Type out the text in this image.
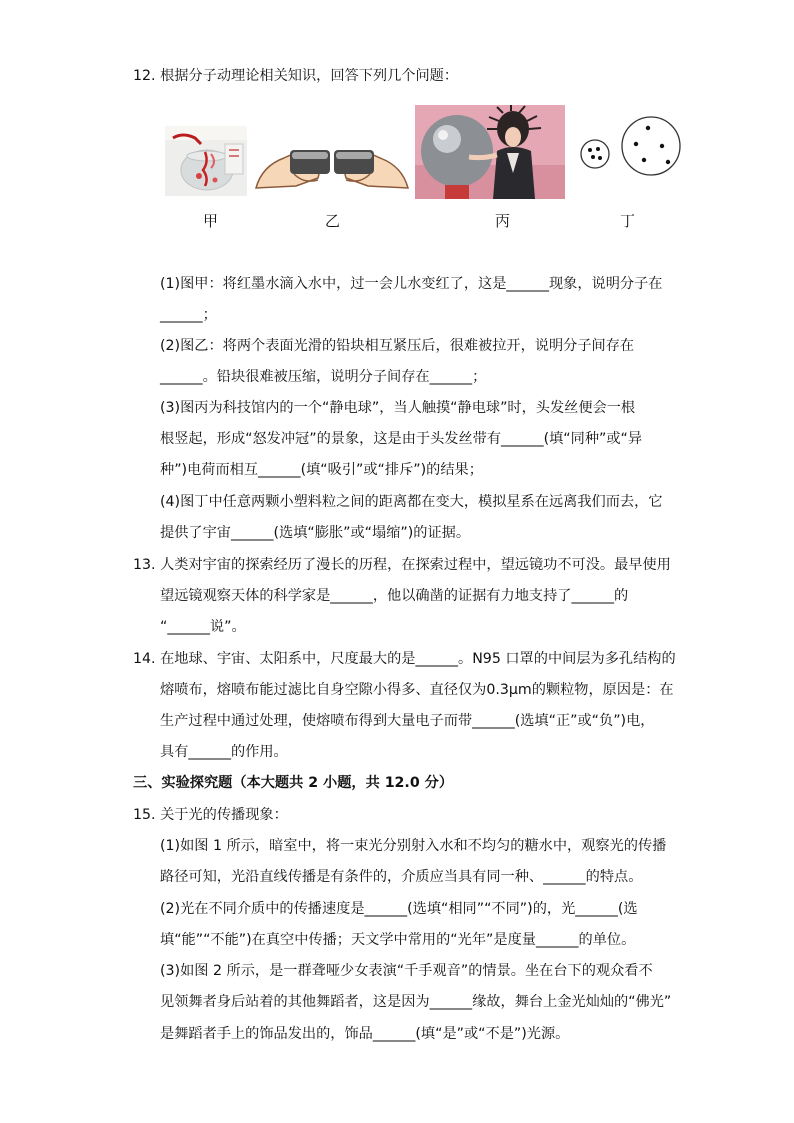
12. 根据分子动理论相关知识，回答下列几个问题：
甲	乙	丙	丁
(1)图甲：将红墨水滴入水中，过一会儿水变红了，这是______现象，说明分子在
______；
(2)图乙：将两个表面光滑的铅块相互紧压后，很难被拉开，说明分子间存在
______。铅块很难被压缩，说明分子间存在______；
(3)图丙为科技馆内的一个“静电球”，当人触摸“静电球”时，头发丝便会一根
根竖起，形成“怒发冲冠”的景象，这是由于头发丝带有______(填“同种”或“异
种”)电荷而相互______(填“吸引”或“排斥”)的结果；
(4)图丁中任意两颗小塑料粒之间的距离都在变大，模拟星系在远离我们而去，它
提供了宇宙______(选填“膨胀”或“塌缩”)的证据。
13. 人类对宇宙的探索经历了漫长的历程，在探索过程中，望远镜功不可没。最早使用
望远镜观察天体的科学家是______，他以确凿的证据有力地支持了______的
“______说”。
14. 在地球、宇宙、太阳系中，尺度最大的是______。N95 口罩的中间层为多孔结构的
熔喷布，熔喷布能过滤比自身空隙小得多、直径仅为0.3μm的颗粒物，原因是：在
生产过程中通过处理，使熔喷布得到大量电子而带______(选填“正”或“负”)电，
具有______的作用。
三、实验探究题（本大题共 2 小题，共 12.0 分）
15. 关于光的传播现象：
(1)如图 1 所示，暗室中，将一束光分别射入水和不均匀的糖水中，观察光的传播
路径可知，光沿直线传播是有条件的，介质应当具有同一种、______的特点。
(2)光在不同介质中的传播速度是______(选填“相同”“不同”)的，光______(选
填“能”“不能”)在真空中传播；天文学中常用的“光年”是度量______的单位。
(3)如图 2 所示，是一群聋哑少女表演“千手观音”的情景。坐在台下的观众看不
见领舞者身后站着的其他舞蹈者，这是因为______缘故，舞台上金光灿灿的“佛光”
是舞蹈者手上的饰品发出的，饰品______(填“是”或“不是”)光源。
